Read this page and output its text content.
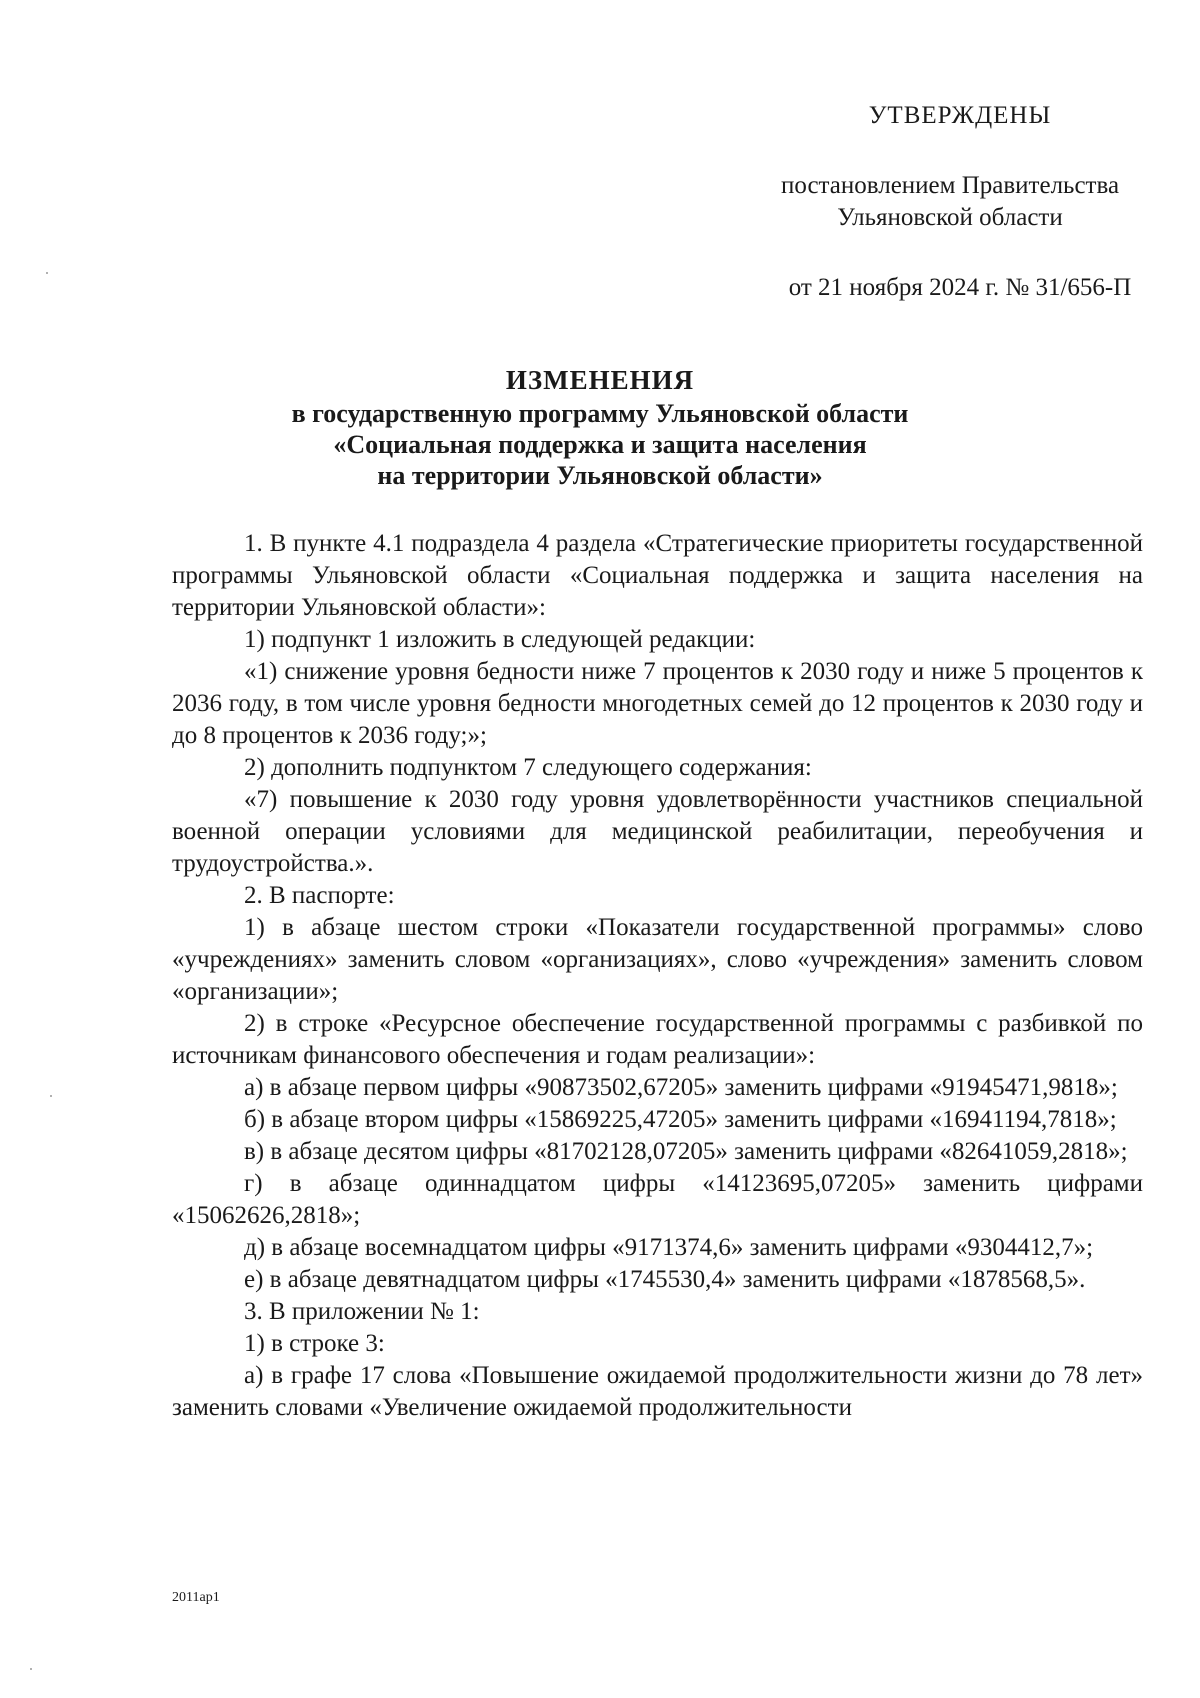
УТВЕРЖДЕНЫ
постановлением Правительства
Ульяновской области
от 21 ноября 2024 г. № 31/656-П
ИЗМЕНЕНИЯ
в государственную программу Ульяновской области
«Социальная поддержка и защита населения
на территории Ульяновской области»

1. В пункте 4.1 подраздела 4 раздела «Стратегические приоритеты государственной программы Ульяновской области «Социальная поддержка и защита населения на территории Ульяновской области»:

1) подпункт 1 изложить в следующей редакции:

«1) снижение уровня бедности ниже 7 процентов к 2030 году и ниже 5 процентов к 2036 году, в том числе уровня бедности многодетных семей до 12 процентов к 2030 году и до 8 процентов к 2036 году;»;

2) дополнить подпунктом 7 следующего содержания:

«7) повышение к 2030 году уровня удовлетворённости участников специальной военной операции условиями для медицинской реабилитации, переобучения и трудоустройства.».

2. В паспорте:

1) в абзаце шестом строки «Показатели государственной программы» слово «учреждениях» заменить словом «организациях», слово «учреждения» заменить словом «организации»;

2) в строке «Ресурсное обеспечение государственной программы с разбивкой по источникам финансового обеспечения и годам реализации»:

а) в абзаце первом цифры «90873502,67205» заменить цифрами «91945471,9818»;

б) в абзаце втором цифры «15869225,47205» заменить цифрами «16941194,7818»;

в) в абзаце десятом цифры «81702128,07205» заменить цифрами «82641059,2818»;

г) в абзаце одиннадцатом цифры «14123695,07205» заменить цифрами «15062626,2818»;

д) в абзаце восемнадцатом цифры «9171374,6» заменить цифрами «9304412,7»;

е) в абзаце девятнадцатом цифры «1745530,4» заменить цифрами «1878568,5».

3. В приложении № 1:

1) в строке 3:

а) в графе 17 слова «Повышение ожидаемой продолжительности жизни до 78 лет» заменить словами «Увеличение ожидаемой продолжительности

2011ap1
